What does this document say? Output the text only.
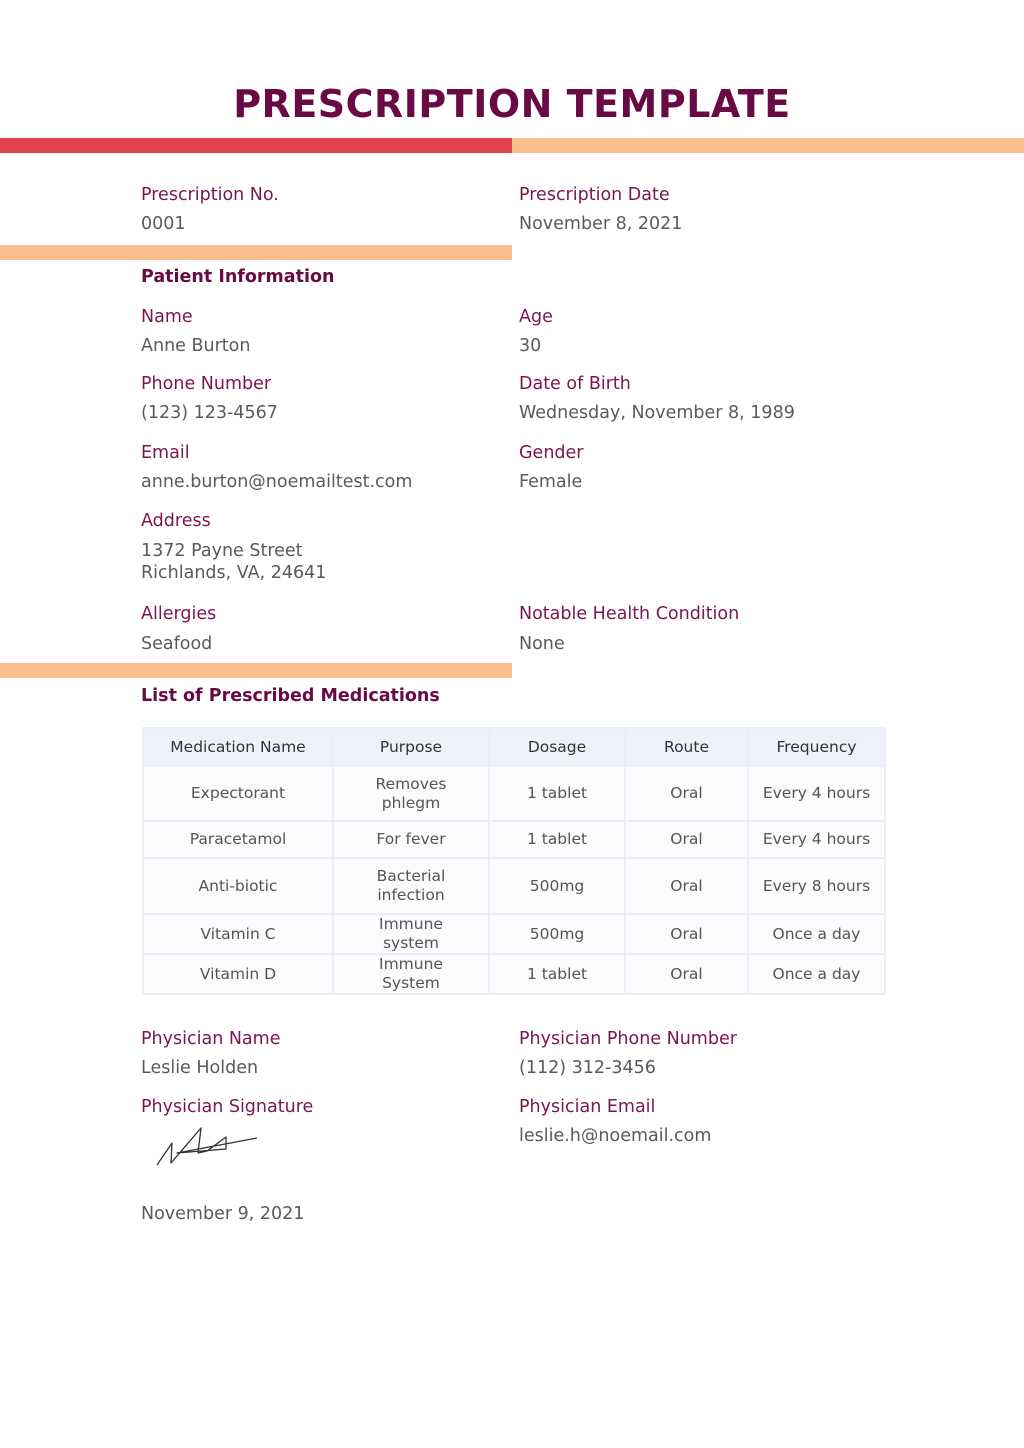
PRESCRIPTION TEMPLATE
Prescription No.
0001
Prescription Date
November 8, 2021
Patient Information
Name
Anne Burton
Age
30
Phone Number
(123) 123-4567
Date of Birth
Wednesday, November 8, 1989
Email
anne.burton@noemailtest.com
Gender
Female
Address
1372 Payne Street
Richlands, VA, 24641
Allergies
Seafood
Notable Health Condition
None
List of Prescribed Medications
Medication Name	Purpose	Dosage	Route	Frequency
Expectorant	Removes phlegm	1 tablet	Oral	Every 4 hours
Paracetamol	For fever	1 tablet	Oral	Every 4 hours
Anti-biotic	Bacterial infection	500mg	Oral	Every 8 hours
Vitamin C	Immune system	500mg	Oral	Once a day
Vitamin D	Immune System	1 tablet	Oral	Once a day
Physician Name
Leslie Holden
Physician Phone Number
(112) 312-3456
Physician Signature	Physician Email
leslie.h@noemail.com
November 9, 2021
